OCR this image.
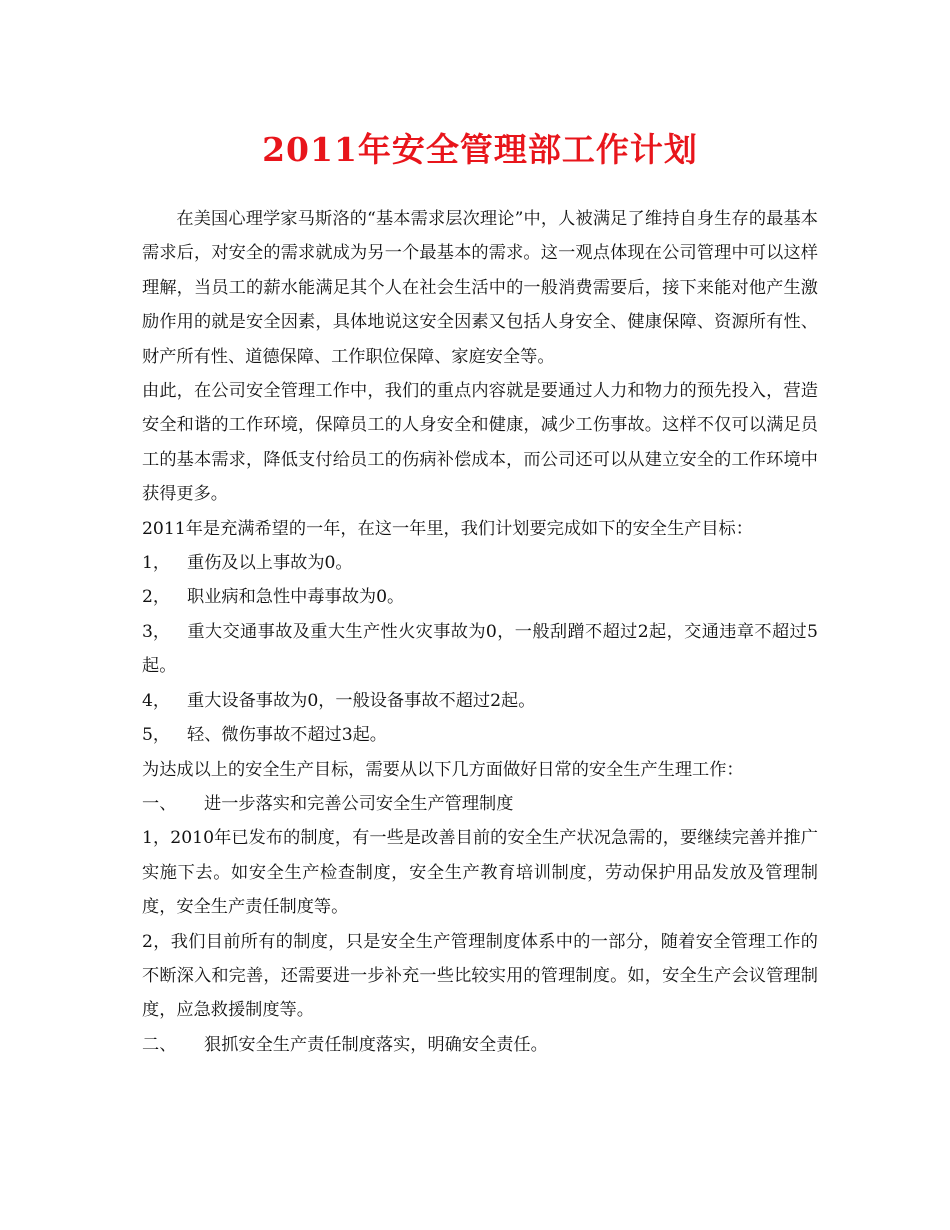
2011年安全管理部工作计划

在美国心理学家马斯洛的“基本需求层次理论”中，人被满足了维持自身生存的最基本需求后，对安全的需求就成为另一个最基本的需求。这一观点体现在公司管理中可以这样理解，当员工的薪水能满足其个人在社会生活中的一般消费需要后，接下来能对他产生激励作用的就是安全因素，具体地说这安全因素又包括人身安全、健康保障、资源所有性、财产所有性、道德保障、工作职位保障、家庭安全等。

由此，在公司安全管理工作中，我们的重点内容就是要通过人力和物力的预先投入，营造安全和谐的工作环境，保障员工的人身安全和健康，减少工伤事故。这样不仅可以满足员工的基本需求，降低支付给员工的伤病补偿成本，而公司还可以从建立安全的工作环境中获得更多。

2011年是充满希望的一年，在这一年里，我们计划要完成如下的安全生产目标：

1， 重伤及以上事故为0。
2， 职业病和急性中毒事故为0。

3， 重大交通事故及重大生产性火灾事故为0，一般刮蹭不超过2起，交通违章不超过5起。

4， 重大设备事故为0，一般设备事故不超过2起。
5， 轻、微伤事故不超过3起。

为达成以上的安全生产目标，需要从以下几方面做好日常的安全生产生理工作：

一、	进一步落实和完善公司安全生产管理制度

1，2010年已发布的制度，有一些是改善目前的安全生产状况急需的，要继续完善并推广实施下去。如安全生产检查制度，安全生产教育培训制度，劳动保护用品发放及管理制度，安全生产责任制度等。

2，我们目前所有的制度，只是安全生产管理制度体系中的一部分，随着安全管理工作的不断深入和完善，还需要进一步补充一些比较实用的管理制度。如，安全生产会议管理制度，应急救援制度等。

二、	狠抓安全生产责任制度落实，明确安全责任。
